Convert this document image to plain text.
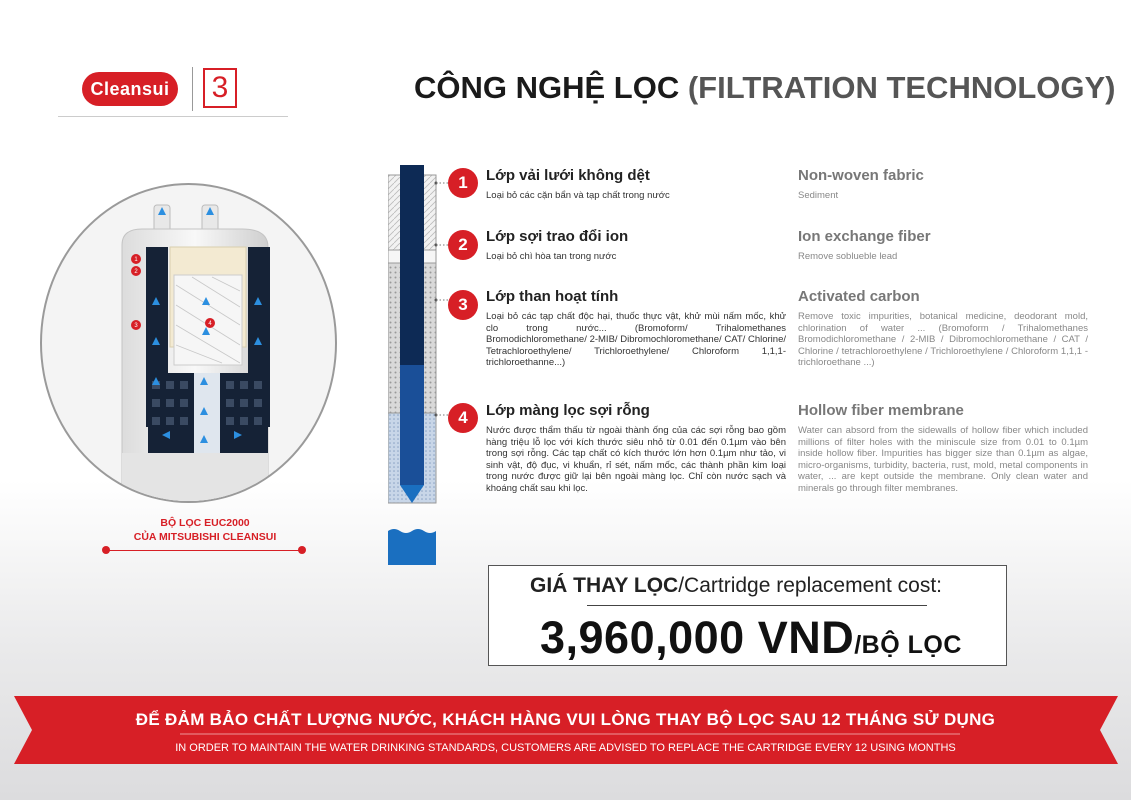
Cleansui 3	CÔNG NGHỆ LỌC (FILTRATION TECHNOLOGY)
1
2
3	4
BỘ LỌC EUC2000
CỦA MITSUBISHI CLEANSUI
1	Lớp vải lưới không dệt
Loại bỏ các cặn bẩn và tạp chất trong nước
Non-woven fabric
Sediment
2	Lớp sợi trao đổi ion
Loại bỏ chì hòa tan trong nước
Ion exchange fiber
Remove soblueble lead
3	Lớp than hoạt tính
Loại bỏ các tạp chất độc hại, thuốc thực vật, khử mùi nấm mốc, khử clo trong nước... (Bromoform/ Trihalomethanes Bromodichloromethane/ 2-MIB/ Dibromochloromethane/ CAT/ Chlorine/ Tetrachloroethylene/ Trichloroethylene/ Chloroform 1,1,1-trichloroethanne...)
Activated carbon
Remove toxic impurities, botanical medicine, deodorant mold, chlorination of water ... (Bromoform / Trihalomethanes Bromodichloromethane / 2-MIB / Dibromochloromethane / CAT / Chlorine / tetrachloroethylene / Trichloroethylene / Chloroform 1,1,1 -trichloroethane ...)
4	Lớp màng lọc sợi rỗng
Nước được thẩm thấu từ ngoài thành ống của các sợi rỗng bao gồm hàng triệu lỗ lọc với kích thước siêu nhỏ từ 0.01 đến 0.1µm vào bên trong sợi rỗng. Các tạp chất có kích thước lớn hơn 0.1µm như tảo, vi sinh vật, độ đục, vi khuẩn, rỉ sét, nấm mốc, các thành phần kim loại trong nước được giữ lại bên ngoài màng lọc. Chỉ còn nước sạch và khoáng chất sau khi lọc.
Hollow fiber membrane
Water can absord from the sidewalls of hollow fiber which included millions of filter holes with the miniscule size from 0.01 to 0.1µm inside hollow fiber. Impurities has bigger size than 0.1µm as algae, micro-organisms, turbidity, bacteria, rust, mold, metal components in water, ... are kept outside the membrane. Only clean water and minerals go through filter membranes.
GIÁ THAY LỌC/Cartridge replacement cost:
3,960,000 VND/BỘ LỌC
ĐỂ ĐẢM BẢO CHẤT LƯỢNG NƯỚC, KHÁCH HÀNG VUI LÒNG THAY BỘ LỌC SAU 12 THÁNG SỬ DỤNG
IN ORDER TO MAINTAIN THE WATER DRINKING STANDARDS, CUSTOMERS ARE ADVISED TO REPLACE THE CARTRIDGE EVERY 12 USING MONTHS
